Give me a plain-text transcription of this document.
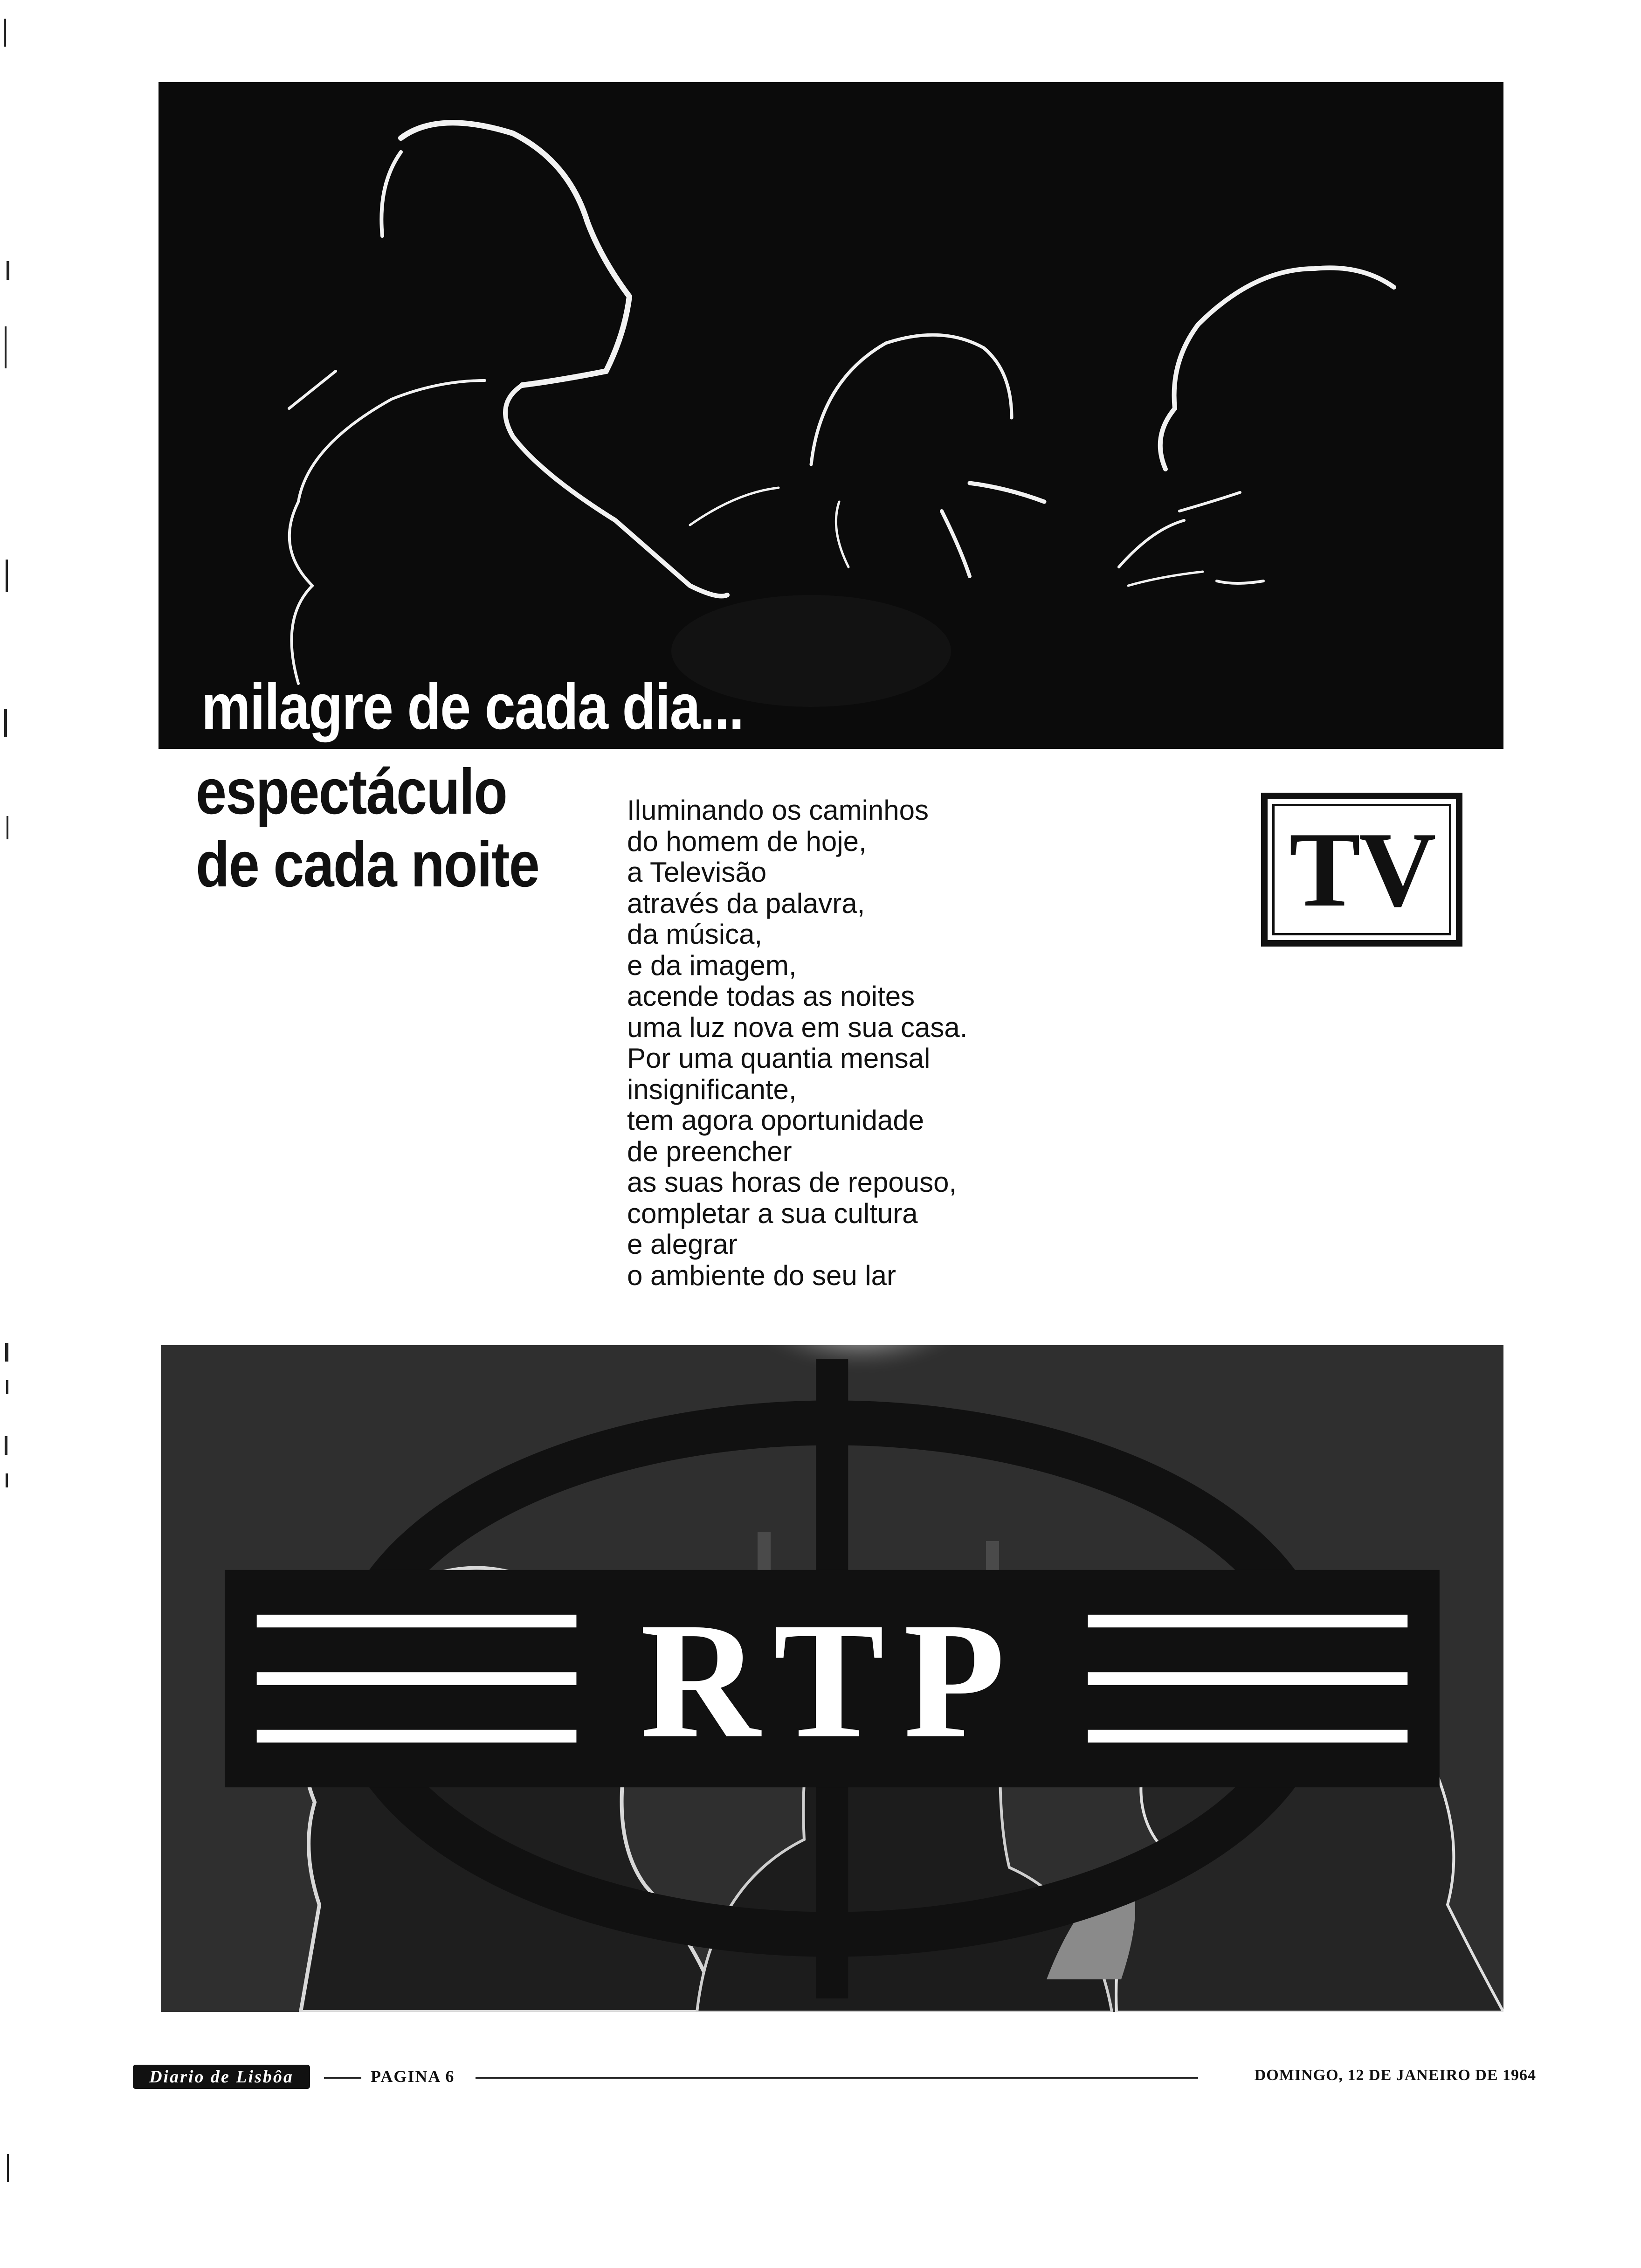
milagre de cada dia...
espectáculo
de cada noite

Iluminando os caminhos
do homem de hoje,
a Televisão
através da palavra,
da música,
e da imagem,
acende todas as noites
uma luz nova em sua casa.
Por uma quantia mensal
insignificante,
tem agora oportunidade
de preencher
as suas horas de repouso,
completar a sua cultura
e alegrar
o ambiente do seu lar

TV
RTP
Diario de Lisbôa	PAGINA 6	DOMINGO, 12 DE JANEIRO DE 1964
